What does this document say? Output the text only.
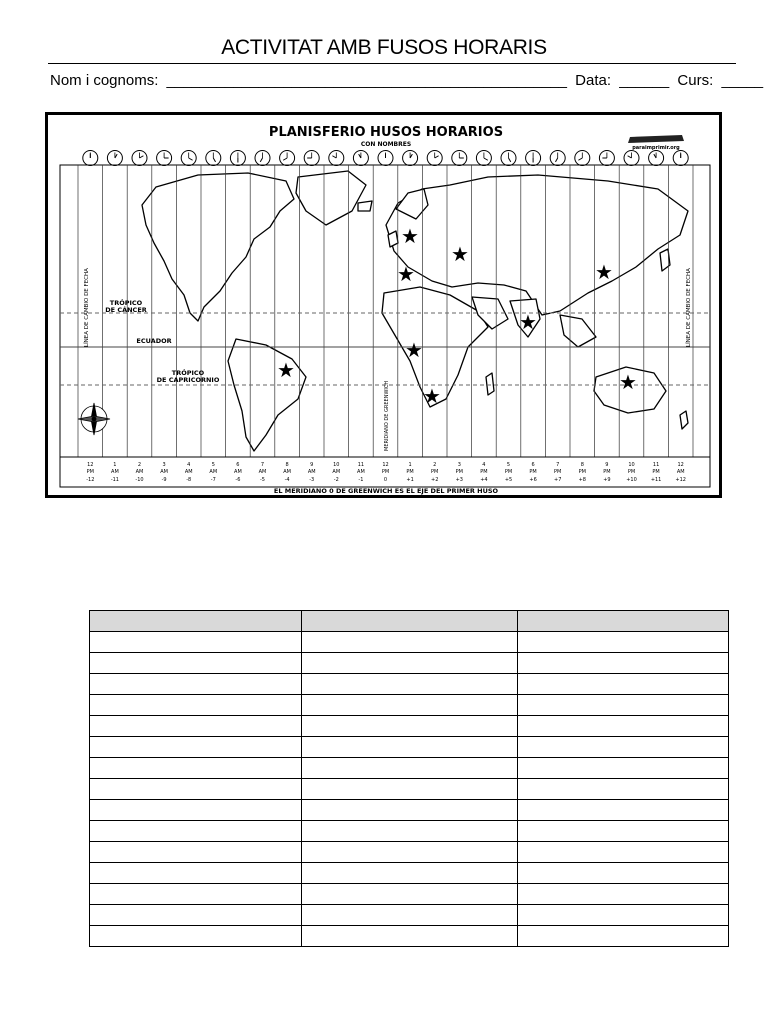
ACTIVITAT AMB FUSOS HORARIS
Nom i cognoms: ________________________________________________ Data: ______ Curs: _____
PLANISFERIO HUSOS HORARIOS
CON NOMBRES	paraimprimir.org
TRÓPICO
DE CÁNCER
ECUADOR
TRÓPICO
DE CAPRICORNIO
LÍNEA DE CAMBIO DE FECHA	LÍNEA DE CAMBIO DE FECHA
MERIDIANO DE GREENWICH
★
★
★	★
★
★
★
★
★
12
PM
-12
1
AM
-11
2
AM
-10
3
AM
-9
4
AM
-8
5
AM
-7
6
AM
-6
7
AM
-5
8
AM
-4
9
AM
-3
10
AM
-2
11
AM
-1
12
PM
0
1
PM
+1
2
PM
+2
3
PM
+3
4
PM
+4
5
PM
+5
6
PM
+6
7
PM
+7
8
PM
+8
9
PM
+9
10
PM
+10
11
PM
+11
12
AM
+12
EL MERIDIANO 0 DE GREENWICH ES EL EJE DEL PRIMER HUSO
